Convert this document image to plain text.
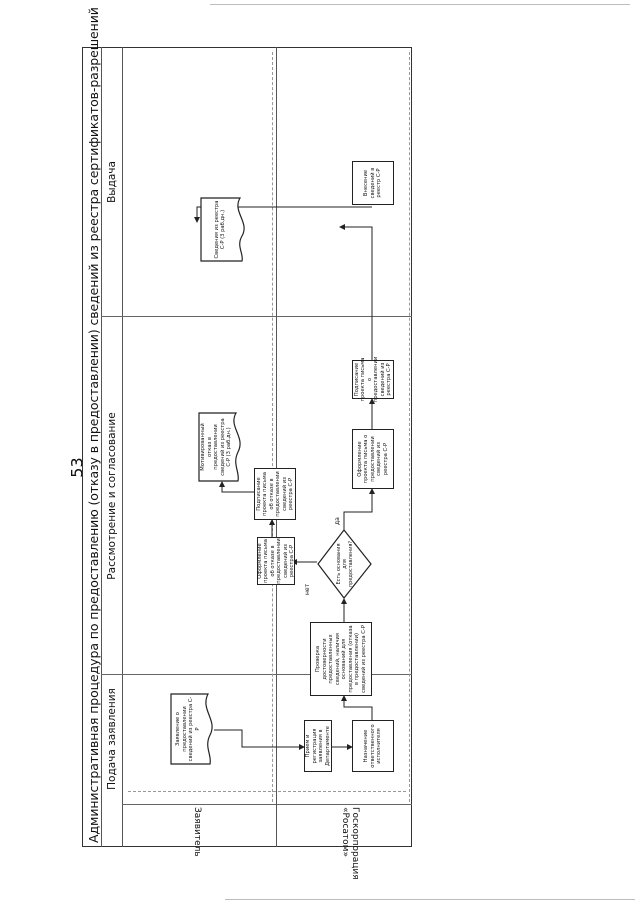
53 Административная процедура по предоставлению (отказу в предоставлении) сведений из реестра сертификатов-разрешений Подача заявления
Рассмотрение и согласование
Выдача
Заявитель	Госкорпорация «Росатом»
Заявление о предоставлении сведений из реестра С-Р
Прием и регистрация заявления в Департаменте	Назначение ответственного исполнителя
Проверка достоверности предоставленных сведений, наличия оснований для предоставления (отказа в предоставлении) сведений из реестра С-Р
Есть основания для предоставления?
да
нет
Оформление проекта письма об отказе в предоставлении сведений из реестра С-Р
Подписание проекта письма об отказе в предоставлении сведений из реестра С-Р
Мотивированный отказ в предоставлении сведений из реестра С-Р (3 раб.дн.)	Оформление проекта письма о предоставлении сведений из реестра С-Р
Подписание проекта письма о предоставлении сведений из реестра С-Р
Сведения из реестра С-Р (3 раб.дн.)
Внесение сведений в реестр С-Р
